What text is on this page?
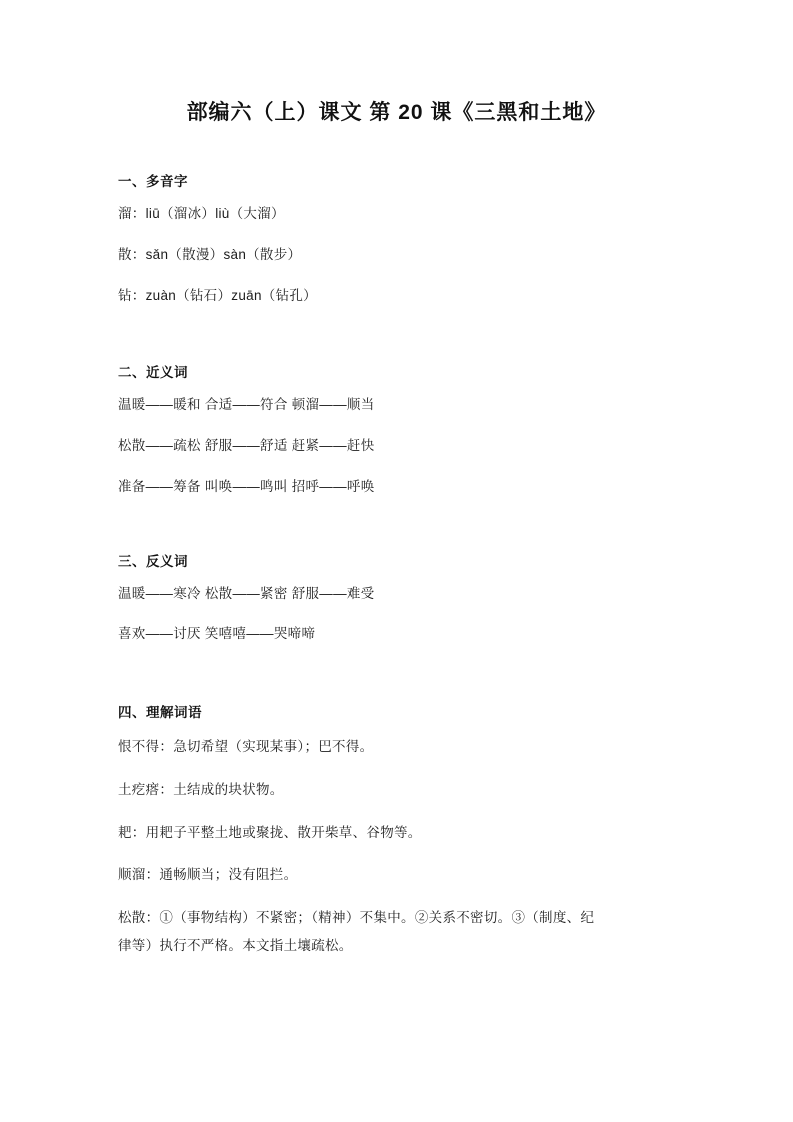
部编六（上）课文 第 20 课《三黑和土地》
一、多音字

溜：liū（溜冰）liù（大溜）

散：sǎn（散漫）sàn（散步）

钻：zuàn（钻石）zuān（钻孔）

二、近义词

温暖——暖和 合适——符合 顿溜——顺当

松散——疏松 舒服——舒适 赶紧——赶快

准备——筹备 叫唤——鸣叫 招呼——呼唤

三、反义词

温暖——寒冷 松散——紧密 舒服——难受

喜欢——讨厌 笑嘻嘻——哭啼啼

四、理解词语

恨不得：急切希望（实现某事）；巴不得。

土疙瘩：土结成的块状物。

耙：用耙子平整土地或聚拢、散开柴草、谷物等。

顺溜：通畅顺当；没有阻拦。

松散：①（事物结构）不紧密；（精神）不集中。②关系不密切。③（制度、纪

律等）执行不严格。本文指土壤疏松。
